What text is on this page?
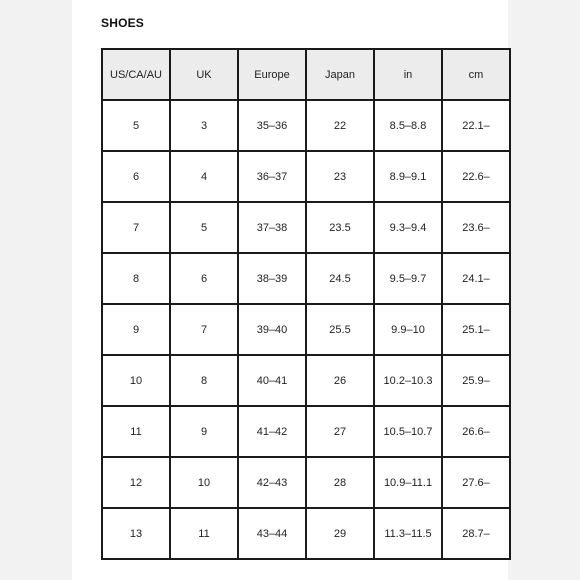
SHOES
US/CA/AU	UK	Europe	Japan	in	cm
5	3	35–36	22	8.5–8.8	22.1–
6	4	36–37	23	8.9–9.1	22.6–
7	5	37–38	23.5	9.3–9.4	23.6–
8	6	38–39	24.5	9.5–9.7	24.1–
9	7	39–40	25.5	9.9–10	25.1–
10	8	40–41	26	10.2–10.3	25.9–
11	9	41–42	27	10.5–10.7	26.6–
12	10	42–43	28	10.9–11.1	27.6–
13	11	43–44	29	11.3–11.5	28.7–
